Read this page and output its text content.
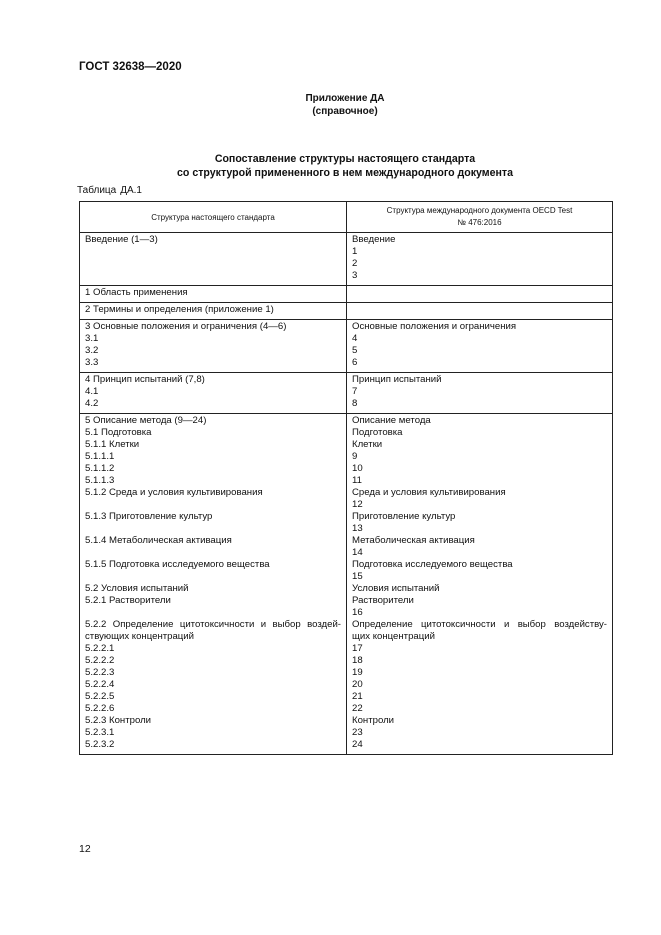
ГОСТ 32638—2020
Приложение ДА
(справочное)
Сопоставление структуры настоящего стандарта
со структурой примененного в нем международного документа
Таблица ДА.1
Структура настоящего стандарта
Структура международного документа OECD Test
№ 476:2016
Введение (1—3)	Введение
1
2
3
1 Область применения
2 Термины и определения (приложение 1)
3 Основные положения и ограничения (4—6)
3.1
3.2
3.3
Основные положения и ограничения
4
5
6
4 Принцип испытаний (7,8)
4.1
4.2
Принцип испытаний
7
8
5 Описание метода (9—24)
5.1 Подготовка
5.1.1 Клетки
5.1.1.1
5.1.1.2
5.1.1.3
5.1.2 Среда и условия культивирования
5.1.3 Приготовление культур
5.1.4 Метаболическая активация
5.1.5 Подготовка исследуемого вещества
5.2 Условия испытаний
5.2.1 Растворители
5.2.2 Определение цитотоксичности и выбор воздей-
ствующих концентраций
5.2.2.1
5.2.2.2
5.2.2.3
5.2.2.4
5.2.2.5
5.2.2.6
5.2.3 Контроли
5.2.3.1
5.2.3.2
Описание метода
Подготовка
Клетки
9
10
11
Среда и условия культивирования
12
Приготовление культур
13
Метаболическая активация
14
Подготовка исследуемого вещества
15
Условия испытаний
Растворители
16
Определение цитотоксичности и выбор воздейству-
щих концентраций
17
18
19
20
21
22
Контроли
23
24
12
